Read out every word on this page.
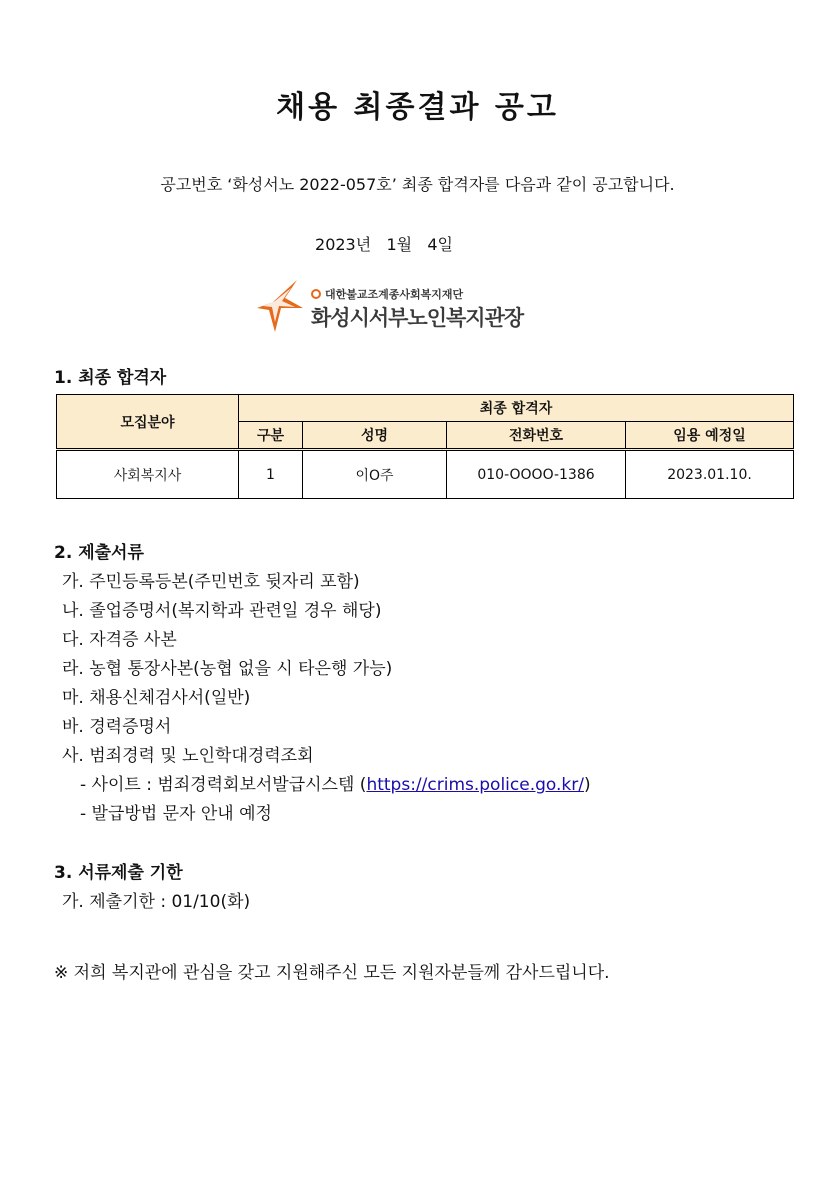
채용 최종결과 공고
공고번호 ‘화성서노 2022-057호’ 최종 합격자를 다음과 같이 공고합니다.
2023년   1월   4일
대한불교조계종사회복지재단
화성시서부노인복지관장
1. 최종 합격자
모집분야	최종 합격자			
	구분	성명	전화번호	임용 예정일
사회복지사	1	이O주	010-OOOO-1386	2023.01.10.
2. 제출서류
가. 주민등록등본(주민번호 뒷자리 포함)
나. 졸업증명서(복지학과 관련일 경우 해당)
다. 자격증 사본
라. 농협 통장사본(농협 없을 시 타은행 가능)
마. 채용신체검사서(일반)
바. 경력증명서
사. 범죄경력 및 노인학대경력조회
- 사이트 : 범죄경력회보서발급시스템 (https://crims.police.go.kr/)
- 발급방법 문자 안내 예정
3. 서류제출 기한
가. 제출기한 : 01/10(화)
※ 저희 복지관에 관심을 갖고 지원해주신 모든 지원자분들께 감사드립니다.
